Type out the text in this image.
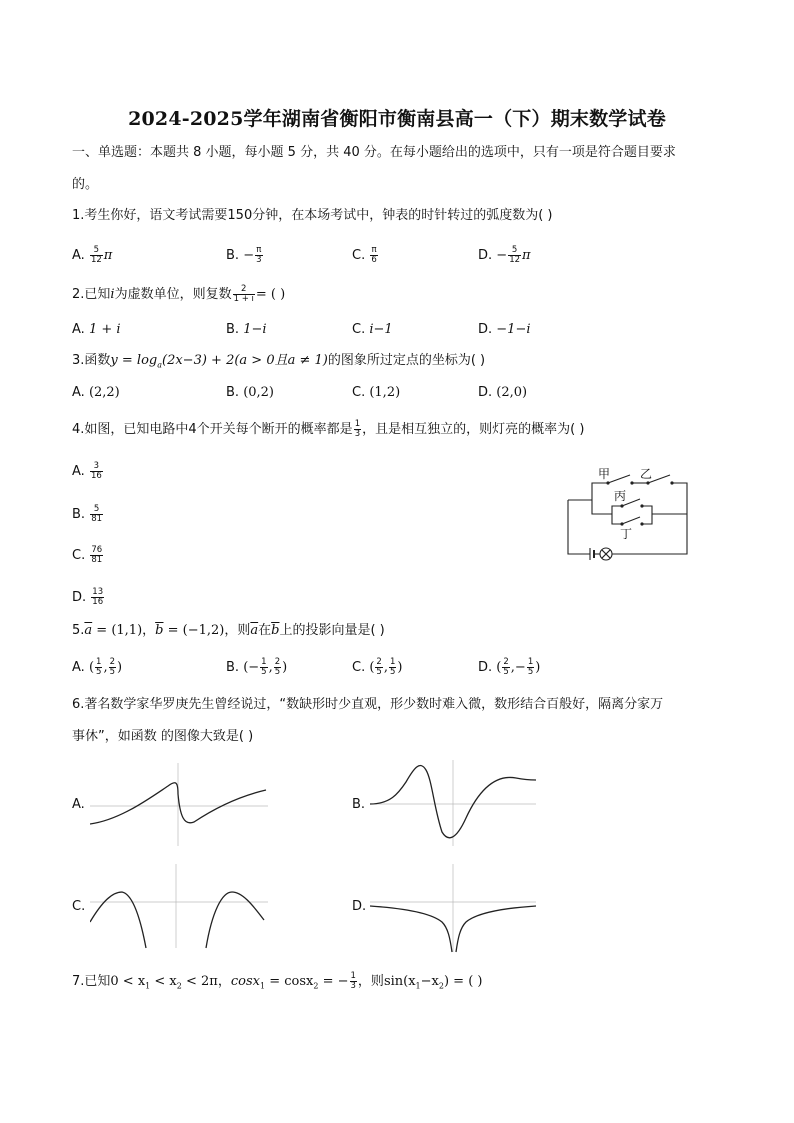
2024-2025学年湖南省衡阳市衡南县高一（下）期末数学试卷
一、单选题：本题共 8 小题，每小题 5 分，共 40 分。在每小题给出的选项中，只有一项是符合题目要求
的。
1.考生你好，语文考试需要150分钟，在本场考试中，钟表的时针转过的弧度数为( )
2.已知i为虚数单位，则复数 $\frac{2}{1 + i}$ = ( )
3.函数$y = \log_a(2x-3) + 2(a > 0$且a ≠ 1)的图象所过定点的坐标为( )
4.如图，已知电路中4个开关每个断开的概率都是 $\frac{1}{3}$ ，且是相互独立的，则灯亮的概率为( )
甲 乙
丙
丁
$5.\overline{a} = (1,1)$，$\overline{b} = (-1,2)$，则$\overline{a}$在$\overline{b}$上的投影向量是( )
6.著名数学家华罗庚先生曾经说过，“数缺形时少直观，形少数时难入微，数形结合百般好，隔离分家万
事休”，如函数 的图像大致是( )
A.	B.
C.	D.
7.已知$0 < x_1 < x_2 < 2\pi$，cosx$_1$ = cosx$_2$ = − $\frac{1}{3}$ ，则$\sin(x_1-x_2)$ = ( )
A. $\frac{5}{12}$ π	B. − $\frac{\pi}{3}$	C. $\frac{\pi}{6}$	D. − $\frac{5}{12}$ π
A. 1 + i	B. 1−i	C. i−1	D. −1−i
A. (2,2)	B. (0,2)	C. (1,2)	D. (2,0)
A. $\frac{3}{16}$
B. $\frac{5}{81}$
C. $\frac{76}{81}$
D. $\frac{13}{16}$
A. ( $\frac{1}{5}$ , $\frac{2}{5}$ )	B. (− $\frac{1}{5}$ , $\frac{2}{5}$ )	C. ( $\frac{2}{5}$ , $\frac{1}{5}$ )	D. ( $\frac{2}{5}$ ,− $\frac{1}{5}$ )
